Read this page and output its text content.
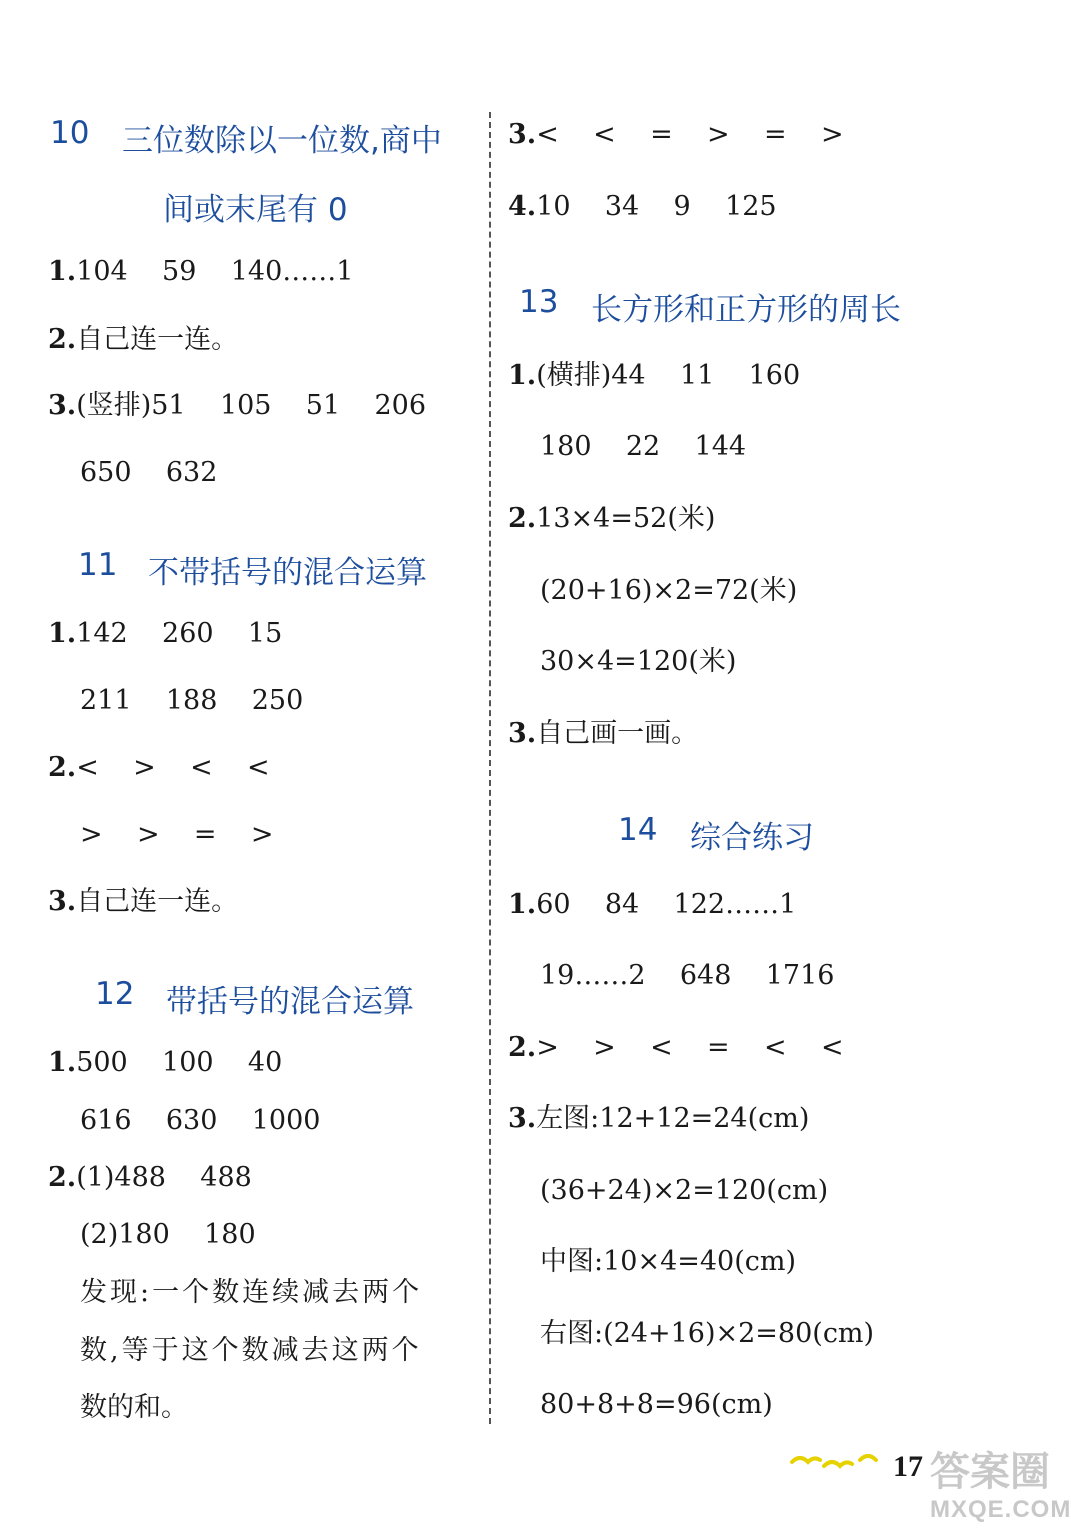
10 三位数除以一位数,商中
间或末尾有 0
1.104    59    140……1
2.自己连一连。
3.(竖排)51    105    51    206
650    632
11 不带括号的混合运算
1.142    260    15
211    188    250
2.<    >    <    <
>    >    =    >
3.自己连一连。
12 带括号的混合运算
1.500    100    40
616    630    1000
2.(1)488    488
(2)180    180
发现:一个数连续减去两个
数,等于这个数减去这两个
数的和。
3.<    <    =    >    =    >
4.10    34    9    125
13 长方形和正方形的周长
1.(横排)44    11    160
180    22    144
2.13×4=52(米)
(20+16)×2=72(米)
30×4=120(米)
3.自己画一画。
14 综合练习
1.60    84    122……1
19……2    648    1716
2.>    >    <    =    <    <
3.左图:12+12=24(cm)
(36+24)×2=120(cm)
中图:10×4=40(cm)
右图:(24+16)×2=80(cm)
80+8+8=96(cm)
17 答案圈
MXQE.COM
